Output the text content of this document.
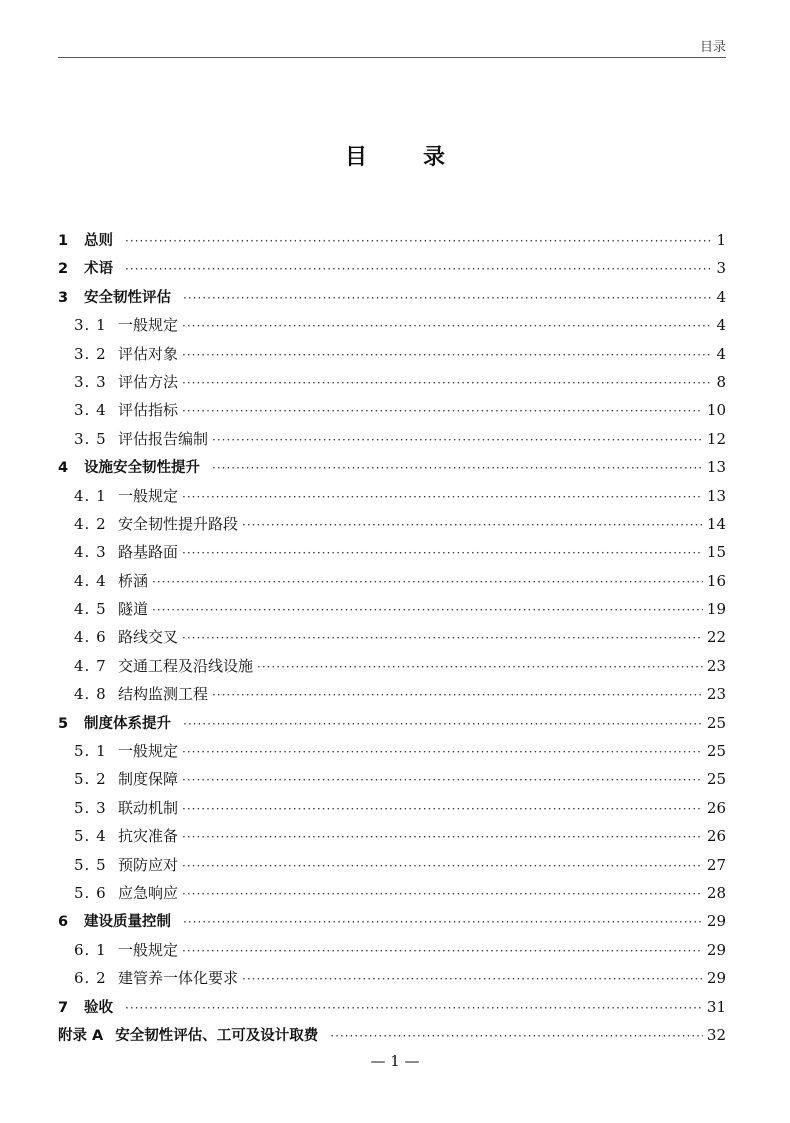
目录
目录
1	总则 ·····	1
2	术语 ·····	3
3	安全韧性评估 ·····	4
3. 1 一般规定 ·····	4
3. 2 评估对象 ·····	4
3. 3 评估方法 ·····	8
3. 4 评估指标 ·····	10
3. 5 评估报告编制 ·····	12
4	设施安全韧性提升 ·····	13
4. 1 一般规定 ·····	13
4. 2 安全韧性提升路段 ·····	14
4. 3 路基路面 ·····	15
4. 4 桥涵 ·····	16
4. 5 隧道 ·····	19
4. 6 路线交叉 ·····	22
4. 7 交通工程及沿线设施 ·····	23
4. 8 结构监测工程 ·····	23
5	制度体系提升 ·····	25
5. 1 一般规定 ·····	25
5. 2 制度保障 ·····	25
5. 3 联动机制 ·····	26
5. 4 抗灾准备 ·····	26
5. 5 预防应对 ·····	27
5. 6 应急响应 ·····	28
6	建设质量控制 ·····	29
6. 1 一般规定 ·····	29
6. 2 建管养一体化要求 ·····	29
7	验收 ·····	31
附录 A 安全韧性评估、工可及设计取费 ·····	32
— 1 —
